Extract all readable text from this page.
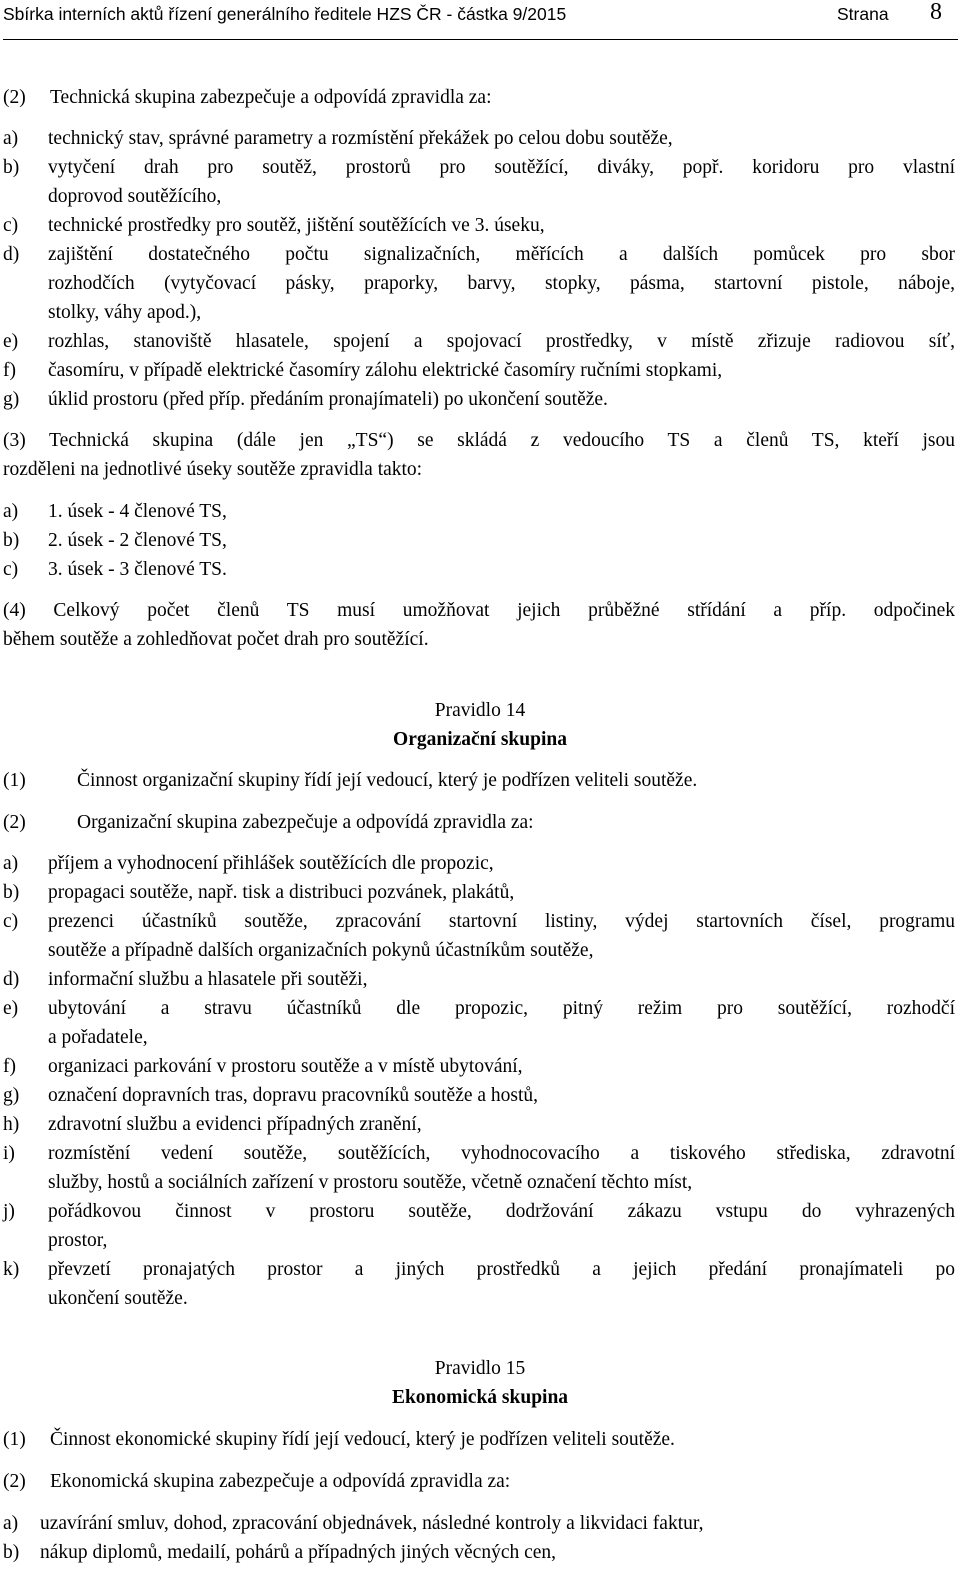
Sbírka interních aktů řízení generálního ředitele HZS ČR - částka 9/2015	Strana 8
(2) Technická skupina zabezpečuje a odpovídá zpravidla za:
a) technický stav, správné parametry a rozmístění překážek po celou dobu soutěže,
b) vytyčení drah pro soutěž, prostorů pro soutěžící, diváky, popř. koridoru pro vlastní
doprovod soutěžícího,
c) technické prostředky pro soutěž, jištění soutěžících ve 3. úseku,
d) zajištění dostatečného počtu signalizačních, měřících a dalších pomůcek pro sbor
rozhodčích (vytyčovací pásky, praporky, barvy, stopky, pásma, startovní pistole, náboje,
stolky, váhy apod.),
e) rozhlas, stanoviště hlasatele, spojení a spojovací prostředky, v místě zřizuje radiovou síť,
f) časomíru, v případě elektrické časomíry zálohu elektrické časomíry ručními stopkami,
g) úklid prostoru (před příp. předáním pronajímateli) po ukončení soutěže.
(3) Technická skupina (dále jen „TS“) se skládá z vedoucího TS a členů TS, kteří jsou
rozděleni na jednotlivé úseky soutěže zpravidla takto:
a) 1. úsek - 4 členové TS,
b) 2. úsek - 2 členové TS,
c) 3. úsek - 3 členové TS.
(4) Celkový počet členů TS musí umožňovat jejich průběžné střídání a příp. odpočinek
během soutěže a zohledňovat počet drah pro soutěžící.
Pravidlo 14
Organizační skupina
(1)	Činnost organizační skupiny řídí její vedoucí, který je podřízen veliteli soutěže.
(2)	Organizační skupina zabezpečuje a odpovídá zpravidla za:
a) příjem a vyhodnocení přihlášek soutěžících dle propozic,
b) propagaci soutěže, např. tisk a distribuci pozvánek, plakátů,
c) prezenci účastníků soutěže, zpracování startovní listiny, výdej startovních čísel, programu
soutěže a případně dalších organizačních pokynů účastníkům soutěže,
d) informační službu a hlasatele při soutěži,
e) ubytování a stravu účastníků dle propozic, pitný režim pro soutěžící, rozhodčí
a pořadatele,
f) organizaci parkování v prostoru soutěže a v místě ubytování,
g) označení dopravních tras, dopravu pracovníků soutěže a hostů,
h) zdravotní službu a evidenci případných zranění,
i) rozmístění vedení soutěže, soutěžících, vyhodnocovacího a tiskového střediska, zdravotní
služby, hostů a sociálních zařízení v prostoru soutěže, včetně označení těchto míst,
j) pořádkovou činnost v prostoru soutěže, dodržování zákazu vstupu do vyhrazených
prostor,
k) převzetí pronajatých prostor a jiných prostředků a jejich předání pronajímateli po
ukončení soutěže.
Pravidlo 15
Ekonomická skupina
(1) Činnost ekonomické skupiny řídí její vedoucí, který je podřízen veliteli soutěže.
(2) Ekonomická skupina zabezpečuje a odpovídá zpravidla za:
a) uzavírání smluv, dohod, zpracování objednávek, následné kontroly a likvidaci faktur,
b) nákup diplomů, medailí, pohárů a případných jiných věcných cen,
